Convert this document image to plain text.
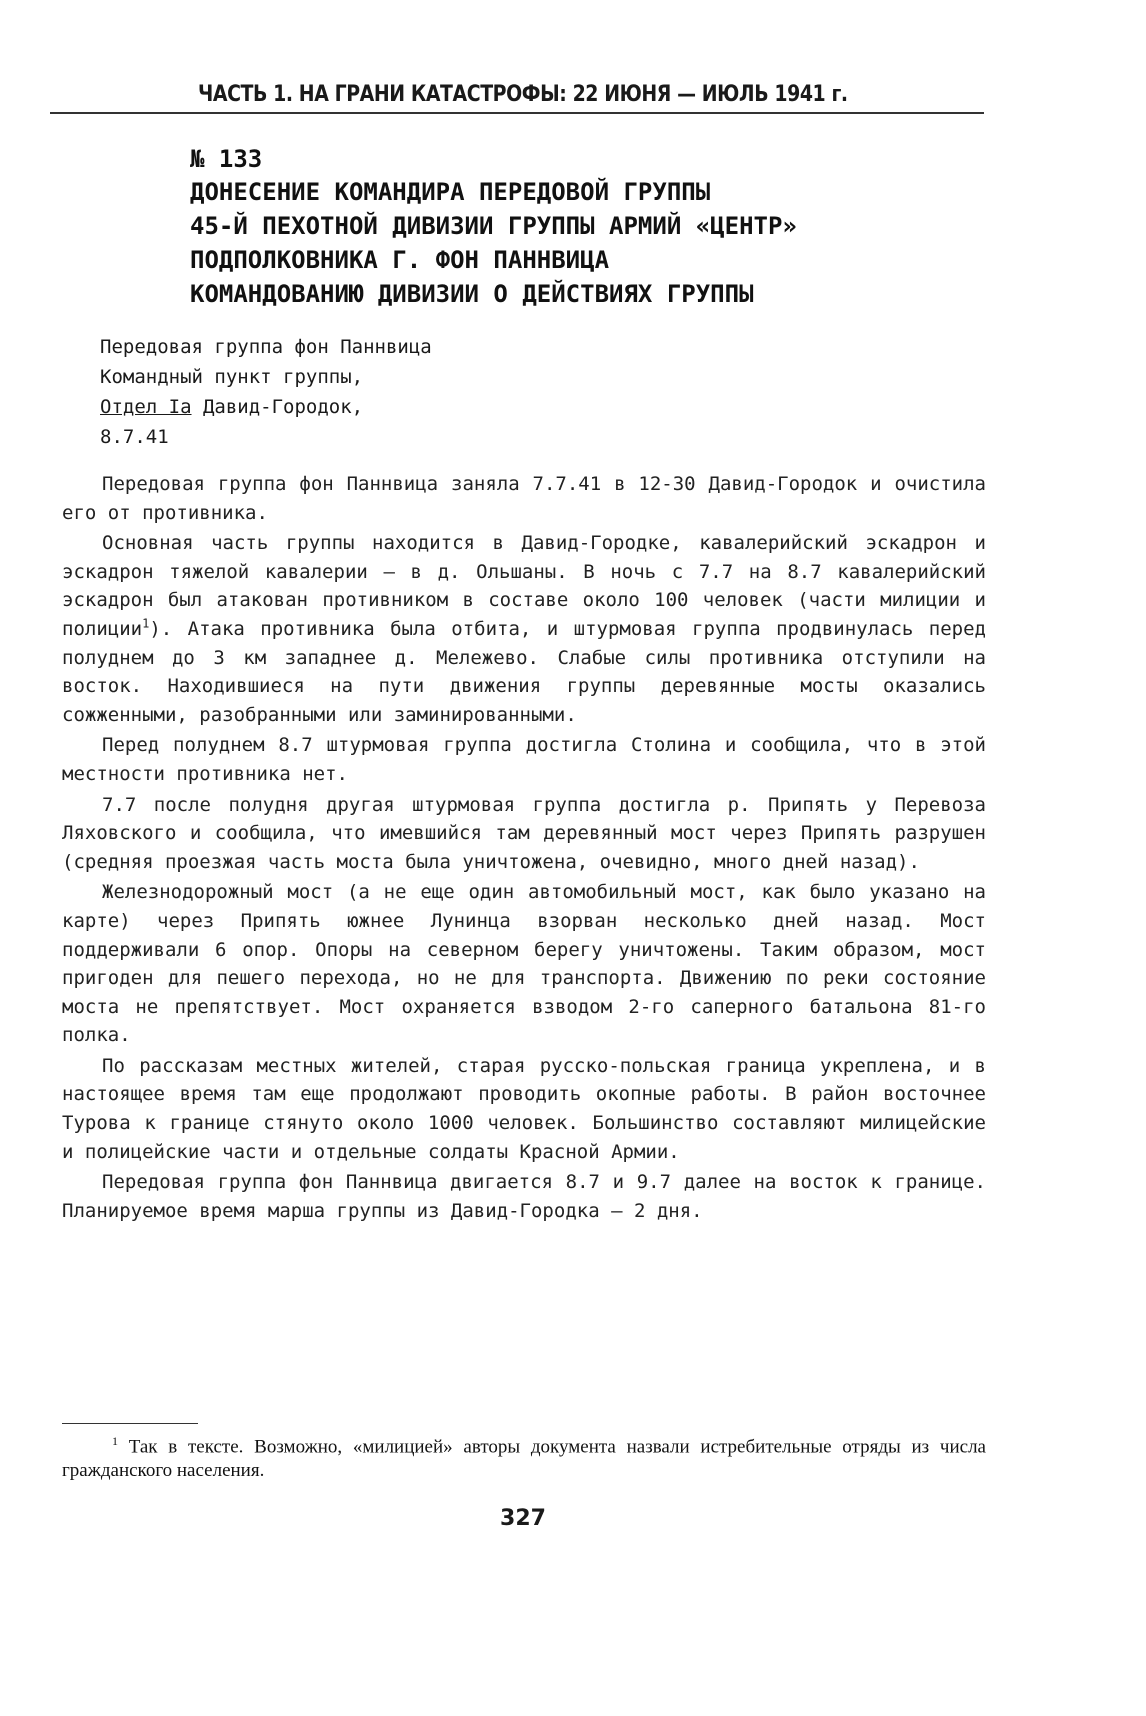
ЧАСТЬ 1. НА ГРАНИ КАТАСТРОФЫ: 22 ИЮНЯ — ИЮЛЬ 1941 г.
№ 133
ДОНЕСЕНИЕ КОМАНДИРА ПЕРЕДОВОЙ ГРУППЫ
45-Й ПЕХОТНОЙ ДИВИЗИИ ГРУППЫ АРМИЙ «ЦЕНТР»
ПОДПОЛКОВНИКА Г. ФОН ПАННВИЦА
КОМАНДОВАНИЮ ДИВИЗИИ О ДЕЙСТВИЯХ ГРУППЫ
Передовая группа фон Паннвица
Командный пункт группы,
Отдел Ia Давид-Городок,
8.7.41

Передовая группа фон Паннвица заняла 7.7.41 в 12-30 Давид-Городок и очистила его от противника.

Основная часть группы находится в Давид-Городке, кавалерийский эскадрон и эскадрон тяжелой кавалерии – в д. Ольшаны. В ночь с 7.7 на 8.7 кавалерийский эскадрон был атакован противником в составе около 100 человек (части милиции и полиции$^1$). Атака противника была отбита, и штурмовая группа продвинулась перед полуднем до 3 км западнее д. Мележево. Слабые силы противника отступили на восток. Находившиеся на пути движения группы деревянные мосты оказались сожженными, разобранными или заминированными.

Перед полуднем 8.7 штурмовая группа достигла Столина и сообщила, что в этой местности противника нет.

7.7 после полудня другая штурмовая группа достигла р. Припять у Перевоза Ляховского и сообщила, что имевшийся там деревянный мост через Припять разрушен (средняя проезжая часть моста была уничтожена, очевидно, много дней назад).

Железнодорожный мост (а не еще один автомобильный мост, как было указано на карте) через Припять южнее Лунинца взорван несколько дней назад. Мост поддерживали 6 опор. Опоры на северном берегу уничтожены. Таким образом, мост пригоден для пешего перехода, но не для транспорта. Движению по реки состояние моста не препятствует. Мост охраняется взводом 2-го саперного батальона 81-го полка.

По рассказам местных жителей, старая русско-польская граница укреплена, и в настоящее время там еще продолжают проводить окопные работы. В район восточнее Турова к границе стянуто около 1000 человек. Большинство составляют милицейские и полицейские части и отдельные солдаты Красной Армии.

Передовая группа фон Паннвица двигается 8.7 и 9.7 далее на восток к границе. Планируемое время марша группы из Давид-Городка – 2 дня.

$^1$ Так в тексте. Возможно, «милицией» авторы документа назвали истребительные отряды из числа гражданского населения.
327
